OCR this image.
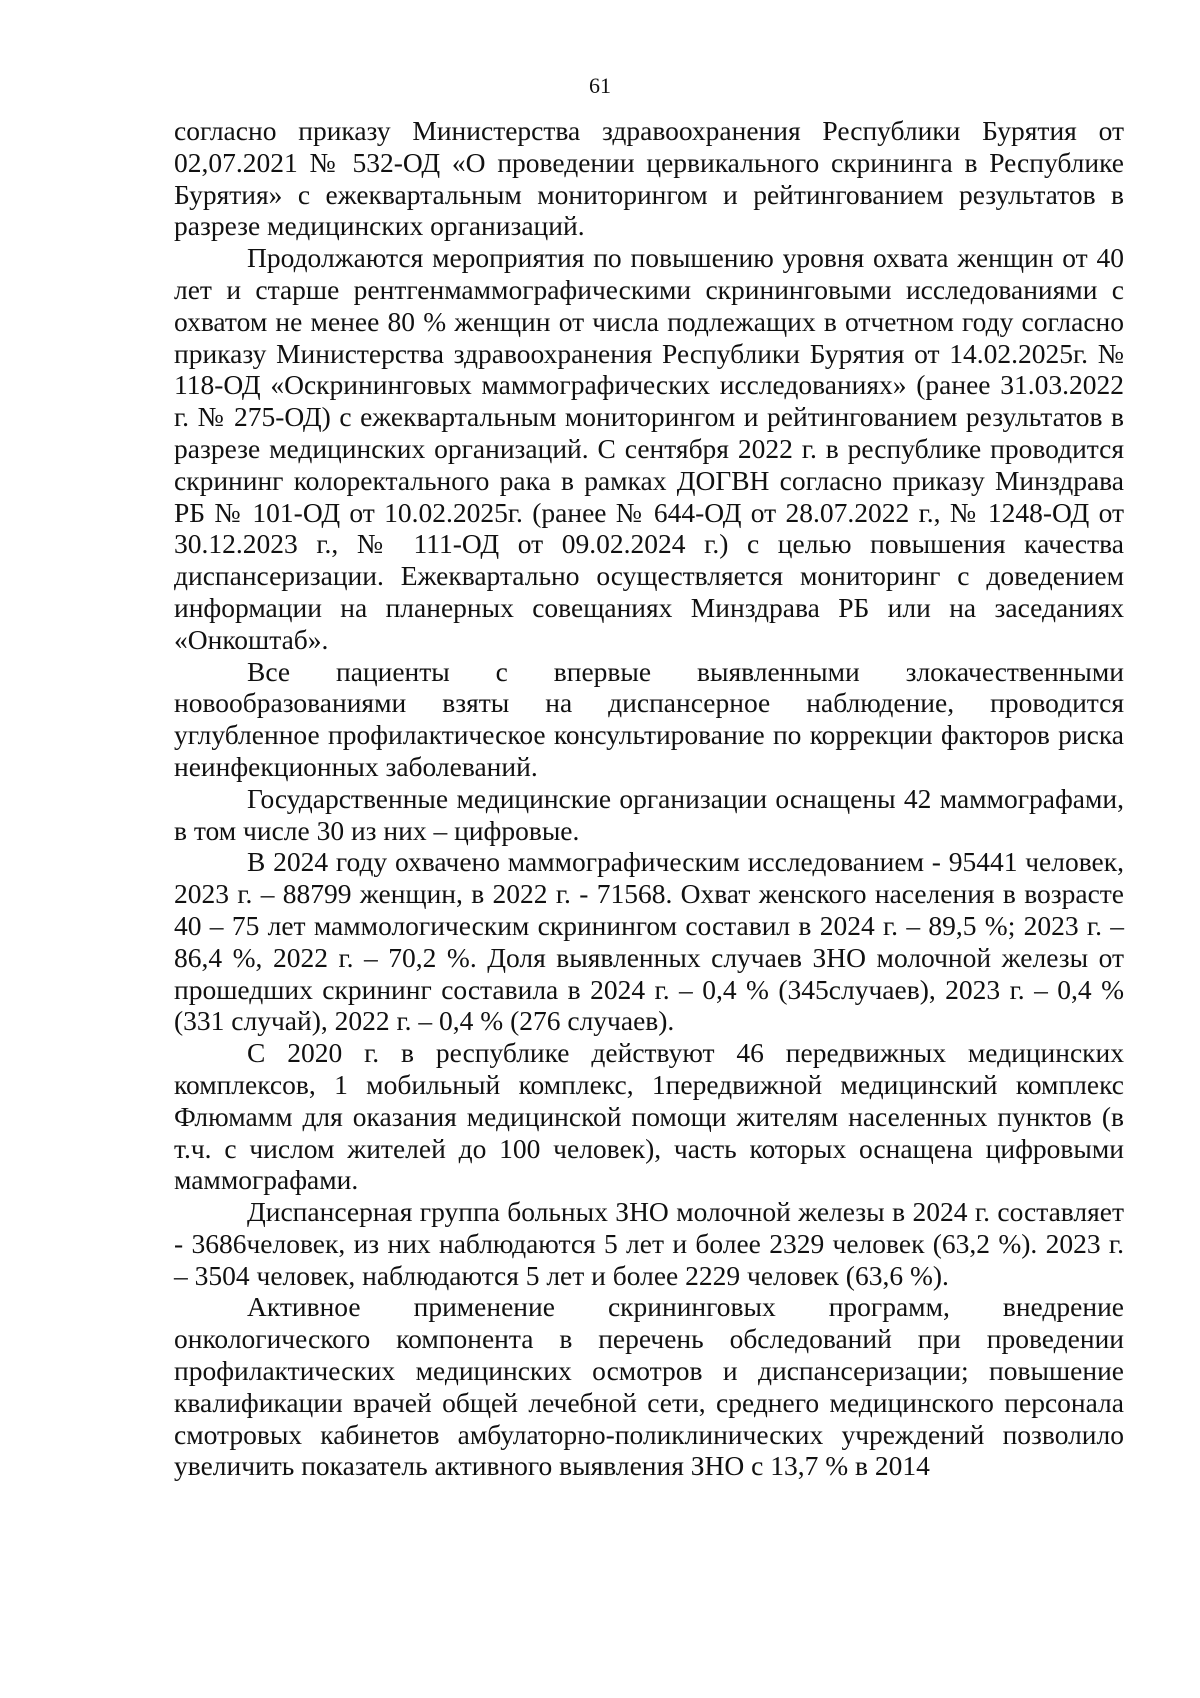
61

согласно приказу Министерства здравоохранения Республики Бурятия от 02,07.2021 № 532-ОД «О проведении цервикального скрининга в Республике Бурятия» с ежеквартальным мониторингом и рейтингованием результатов в разрезе медицинских организаций.

Продолжаются мероприятия по повышению уровня охвата женщин от 40 лет и старше рентгенмаммографическими скрининговыми исследованиями с охватом не менее 80 % женщин от числа подлежащих в отчетном году согласно приказу Министерства здравоохранения Республики Бурятия от 14.02.2025г. № 118-ОД «Оскрининговых маммографических исследованиях» (ранее 31.03.2022 г. № 275-ОД) с ежеквартальным мониторингом и рейтингованием результатов в разрезе медицинских организаций. С сентября 2022 г. в республике проводится скрининг колоректального рака в рамках ДОГВН согласно приказу Минздрава РБ № 101-ОД от 10.02.2025г. (ранее № 644-ОД от 28.07.2022 г., № 1248-ОД от 30.12.2023 г., № 111-ОД от 09.02.2024 г.) с целью повышения качества диспансеризации. Ежеквартально осуществляется мониторинг с доведением информации на планерных совещаниях Минздрава РБ или на заседаниях «Онкоштаб».

Все пациенты с впервые выявленными злокачественными новообразованиями взяты на диспансерное наблюдение, проводится углубленное профилактическое консультирование по коррекции факторов риска неинфекционных заболеваний.

Государственные медицинские организации оснащены 42 маммографами, в том числе 30 из них – цифровые.

В 2024 году охвачено маммографическим исследованием - 95441 человек, 2023 г. – 88799 женщин, в 2022 г. - 71568. Охват женского населения в возрасте 40 – 75 лет маммологическим скринингом составил в 2024 г. – 89,5 %; 2023 г. – 86,4 %, 2022 г. – 70,2 %. Доля выявленных случаев ЗНО молочной железы от прошедших скрининг составила в 2024 г. – 0,4 % (345случаев), 2023 г. – 0,4 % (331 случай), 2022 г. – 0,4 % (276 случаев).

С 2020 г. в республике действуют 46 передвижных медицинских комплексов, 1 мобильный комплекс, 1передвижной медицинский комплекс Флюмамм для оказания медицинской помощи жителям населенных пунктов (в т.ч. с числом жителей до 100 человек), часть которых оснащена цифровыми маммографами.

Диспансерная группа больных ЗНО молочной железы в 2024 г. составляет - 3686человек, из них наблюдаются 5 лет и более 2329 человек (63,2 %). 2023 г. – 3504 человек, наблюдаются 5 лет и более 2229 человек (63,6 %).

Активное применение скрининговых программ, внедрение онкологического компонента в перечень обследований при проведении профилактических медицинских осмотров и диспансеризации; повышение квалификации врачей общей лечебной сети, среднего медицинского персонала смотровых кабинетов амбулаторно-поликлинических учреждений позволило увеличить показатель активного выявления ЗНО с 13,7 % в 2014
